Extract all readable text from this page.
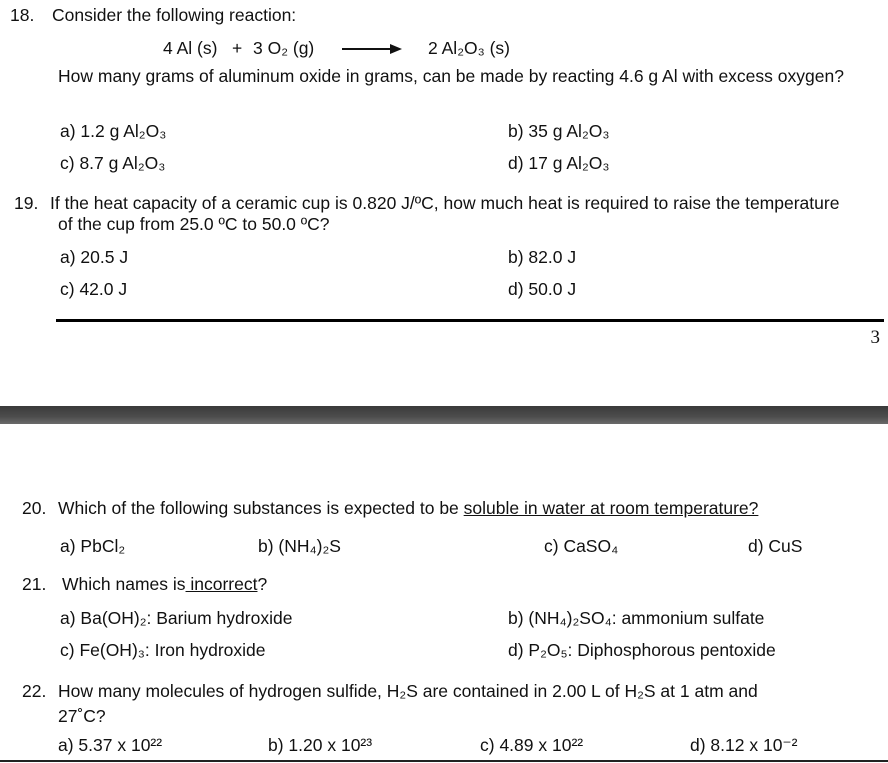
18. Consider the following reaction:
4 Al (s) + 3 O₂ (g)	2 Al₂O₃ (s)
How many grams of aluminum oxide in grams, can be made by reacting 4.6 g Al with excess oxygen?
a) 1.2 g Al₂O₃	b) 35 g Al₂O₃
c) 8.7 g Al₂O₃	d) 17 g Al₂O₃
19. If the heat capacity of a ceramic cup is 0.820 J/ºC, how much heat is required to raise the temperature
of the cup from 25.0 ºC to 50.0 ºC?
a) 20.5 J	b) 82.0 J
c) 42.0 J	d) 50.0 J
3
20. Which of the following substances is expected to be soluble in water at room temperature?
a) PbCl₂	b) (NH₄)₂S	c) CaSO₄	d) CuS
21. Which names is incorrect?
a) Ba(OH)₂: Barium hydroxide	b) (NH₄)₂SO₄: ammonium sulfate
c) Fe(OH)₃: Iron hydroxide	d) P₂O₅: Diphosphorous pentoxide
22. How many molecules of hydrogen sulfide, H₂S are contained in 2.00 L of H₂S at 1 atm and
27˚C?
a) 5.37 x 10²²	b) 1.20 x 10²³	c) 4.89 x 10²²	d) 8.12 x 10⁻²
